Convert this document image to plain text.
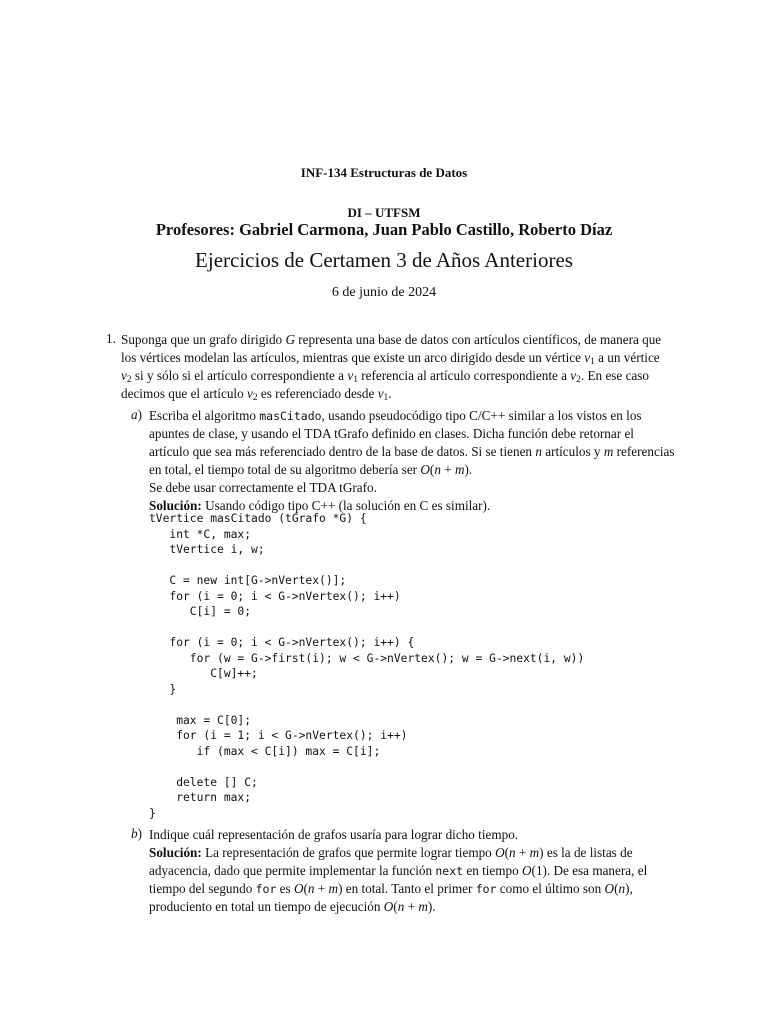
INF-134 Estructuras de Datos
DI – UTFSM
Profesores: Gabriel Carmona, Juan Pablo Castillo, Roberto Díaz
Ejercicios de Certamen 3 de Años Anteriores
6 de junio de 2024
1. Suponga que un grafo dirigido G representa una base de datos con artículos científicos, de manera que
los vértices modelan las artículos, mientras que existe un arco dirigido desde un vértice $v_1$ a un vértice
$v_2$ si y sólo si el artículo correspondiente a $v_1$ referencia al artículo correspondiente a $v_2$. En ese caso
decimos que el artículo $v_2$ es referenciado desde $v_1$.
a) Escriba el algoritmo masCitado, usando pseudocódigo tipo C/C++ similar a los vistos en los
apuntes de clase, y usando el TDA tGrafo definido en clases. Dicha función debe retornar el
artículo que sea más referenciado dentro de la base de datos. Si se tienen n artículos y m referencias
en total, el tiempo total de su algoritmo debería ser O(n + m).
Se debe usar correctamente el TDA tGrafo.
Solución: Usando código tipo C++ (la solución en C es similar).
tVertice masCitado (tGrafo *G) {
int *C, max;
tVertice i, w;

C = new int[G->nVertex()];
for (i = 0; i < G->nVertex(); i++)
C[i] = 0;

for (i = 0; i < G->nVertex(); i++) {
for (w = G->first(i); w < G->nVertex(); w = G->next(i, w))
C[w]++;
}

max = C[0];
for (i = 1; i < G->nVertex(); i++)
if (max < C[i]) max = C[i];

delete [] C;
return max;
}
b) Indique cuál representación de grafos usaría para lograr dicho tiempo.
Solución: La representación de grafos que permite lograr tiempo O(n + m) es la de listas de
adyacencia, dado que permite implementar la función next en tiempo O(1). De esa manera, el
tiempo del segundo for es O(n + m) en total. Tanto el primer for como el último son O(n),
produciento en total un tiempo de ejecución O(n + m).
